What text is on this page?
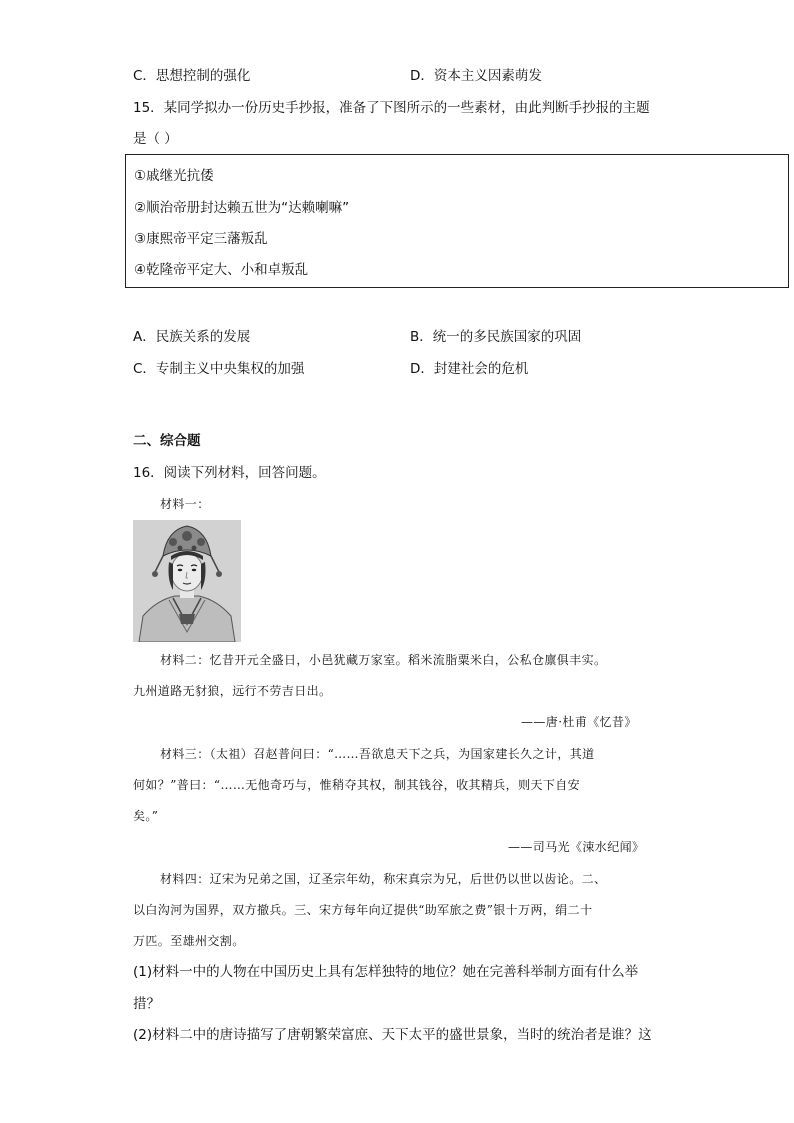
C．思想控制的强化	D．资本主义因素萌发
15．某同学拟办一份历史手抄报，准备了下图所示的一些素材，由此判断手抄报的主题
是（ ）
①戚继光抗倭
②顺治帝册封达赖五世为“达赖喇嘛”
③康熙帝平定三藩叛乱
④乾隆帝平定大、小和卓叛乱
A．民族关系的发展	B．统一的多民族国家的巩固
C．专制主义中央集权的加强	D．封建社会的危机
二、综合题
16．阅读下列材料，回答问题。
材料一：
材料二：忆昔开元全盛日，小邑犹藏万家室。稻米流脂粟米白，公私仓廪俱丰实。
九州道路无豺狼，远行不劳吉日出。
——唐·杜甫《忆昔》
材料三：（太祖）召赵普问曰：“……吾欲息天下之兵，为国家建长久之计，其道
何如？”普曰：“……无他奇巧与，惟稍夺其权，制其钱谷，收其精兵，则天下自安
矣。”
——司马光《涑水纪闻》
材料四：辽宋为兄弟之国，辽圣宗年幼，称宋真宗为兄，后世仍以世以齿论。二、
以白沟河为国界，双方撤兵。三、宋方每年向辽提供“助军旅之费”银十万两，绢二十
万匹。至雄州交割。
(1)材料一中的人物在中国历史上具有怎样独特的地位？她在完善科举制方面有什么举
措？
(2)材料二中的唐诗描写了唐朝繁荣富庶、天下太平的盛世景象，当时的统治者是谁？这
